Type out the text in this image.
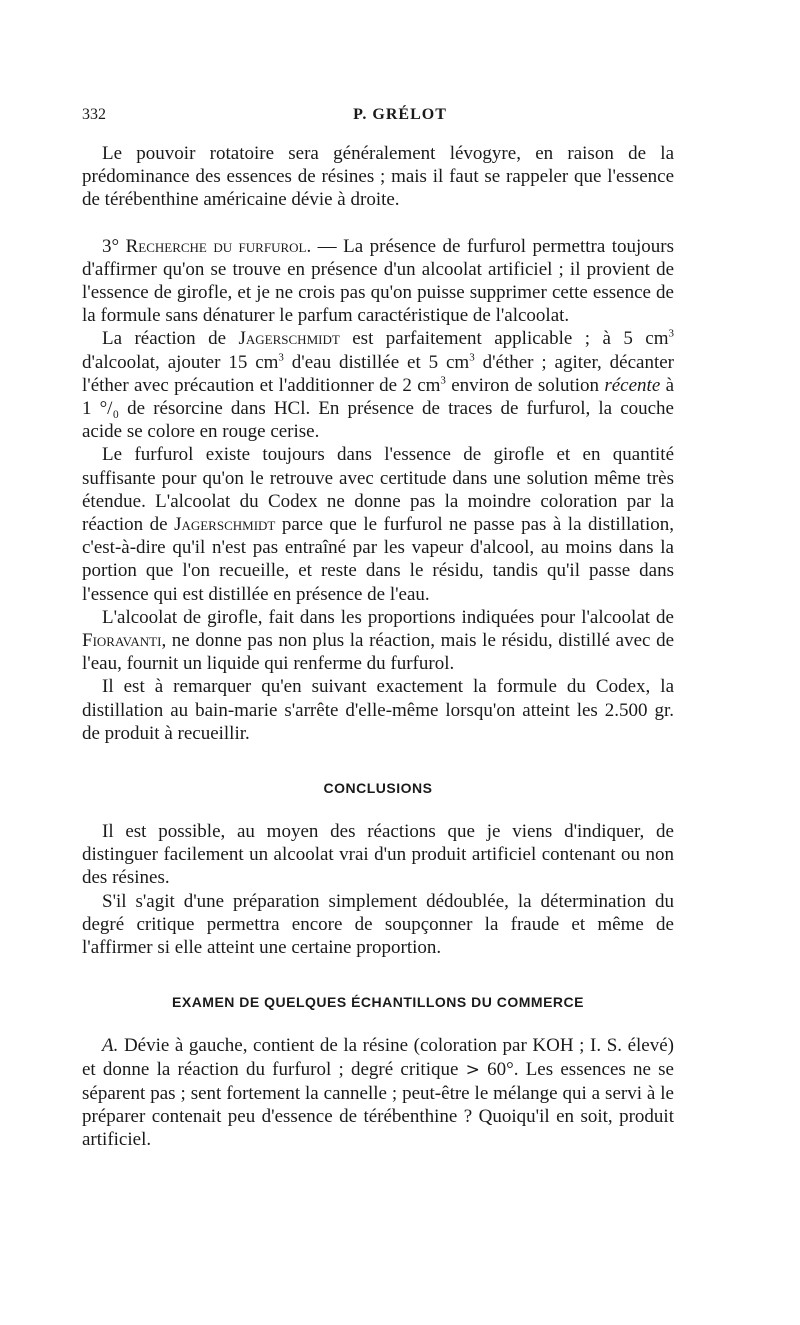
332	P. GRÉLOT

Le pouvoir rotatoire sera généralement lévogyre, en raison de la prédominance des essences de résines ; mais il faut se rappeler que l'essence de térébenthine américaine dévie à droite.

3° Recherche du furfurol. — La présence de furfurol permettra toujours d'affirmer qu'on se trouve en présence d'un alcoolat artificiel ; il provient de l'essence de girofle, et je ne crois pas qu'on puisse supprimer cette essence de la formule sans dénaturer le parfum caractéristique de l'alcoolat.

La réaction de Jagerschmidt est parfaitement applicable ; à 5 $cm^3$ d'alcoolat, ajouter 15 $cm^3$ d'eau distillée et 5 $cm^3$ d'éther ; agiter, décanter l'éther avec précaution et l'additionner de 2 $cm^3$ environ de solution récente à 1 °/₀ de résorcine dans HCl. En présence de traces de furfurol, la couche acide se colore en rouge cerise.

Le furfurol existe toujours dans l'essence de girofle et en quantité suffisante pour qu'on le retrouve avec certitude dans une solution même très étendue. L'alcoolat du Codex ne donne pas la moindre coloration par la réaction de Jagerschmidt parce que le furfurol ne passe pas à la distillation, c'est-à-dire qu'il n'est pas entraîné par les vapeur d'alcool, au moins dans la portion que l'on recueille, et reste dans le résidu, tandis qu'il passe dans l'essence qui est distillée en présence de l'eau.

L'alcoolat de girofle, fait dans les proportions indiquées pour l'alcoolat de Fioravanti, ne donne pas non plus la réaction, mais le résidu, distillé avec de l'eau, fournit un liquide qui renferme du furfurol.

Il est à remarquer qu'en suivant exactement la formule du Codex, la distillation au bain-marie s'arrête d'elle-même lorsqu'on atteint les 2.500 gr. de produit à recueillir.

CONCLUSIONS

Il est possible, au moyen des réactions que je viens d'indiquer, de distinguer facilement un alcoolat vrai d'un produit artificiel contenant ou non des résines.

S'il s'agit d'une préparation simplement dédoublée, la détermination du degré critique permettra encore de soupçonner la fraude et même de l'affirmer si elle atteint une certaine proportion.

EXAMEN DE QUELQUES ÉCHANTILLONS DU COMMERCE

A. Dévie à gauche, contient de la résine (coloration par KOH ; I. S. élevé) et donne la réaction du furfurol ; degré critique > 60°. Les essences ne se séparent pas ; sent fortement la cannelle ; peut-être le mélange qui a servi à le préparer contenait peu d'essence de térébenthine ? Quoiqu'il en soit, produit artificiel.
